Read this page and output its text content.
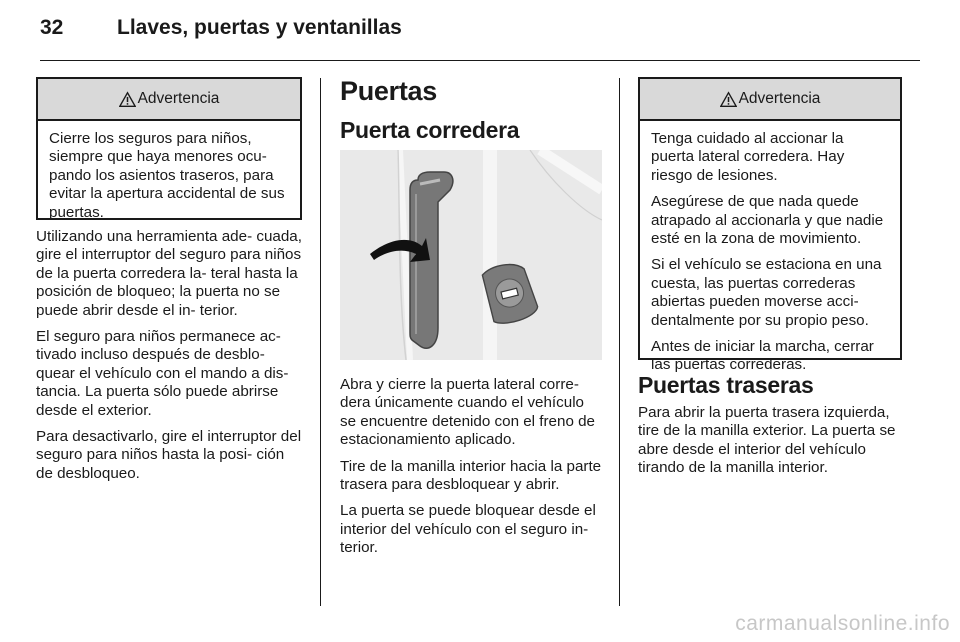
32	Llaves, puertas y ventanillas
Advertencia

Cierre los seguros para niños, siempre que haya menores ocu- pando los asientos traseros, para evitar la apertura accidental de sus puertas.

Utilizando una herramienta ade- cuada, gire el interruptor del seguro para niños de la puerta corredera la- teral hasta la posición de bloqueo; la puerta no se puede abrir desde el in- terior.

El seguro para niños permanece ac- tivado incluso después de desblo- quear el vehículo con el mando a dis- tancia. La puerta sólo puede abrirse desde el exterior.

Para desactivarlo, gire el interruptor del seguro para niños hasta la posi- ción de desbloqueo.

Puertas
Puerta corredera

Abra y cierre la puerta lateral corre- dera únicamente cuando el vehículo se encuentre detenido con el freno de estacionamiento aplicado.

Tire de la manilla interior hacia la parte trasera para desbloquear y abrir.

La puerta se puede bloquear desde el interior del vehículo con el seguro in- terior.

Advertencia

Tenga cuidado al accionar la puerta lateral corredera. Hay riesgo de lesiones.

Asegúrese de que nada quede atrapado al accionarla y que nadie esté en la zona de movimiento.

Si el vehículo se estaciona en una cuesta, las puertas correderas abiertas pueden moverse acci- dentalmente por su propio peso.

Antes de iniciar la marcha, cerrar las puertas correderas.

Puertas traseras

Para abrir la puerta trasera izquierda, tire de la manilla exterior. La puerta se abre desde el interior del vehículo tirando de la manilla interior.

carmanualsonline.info
